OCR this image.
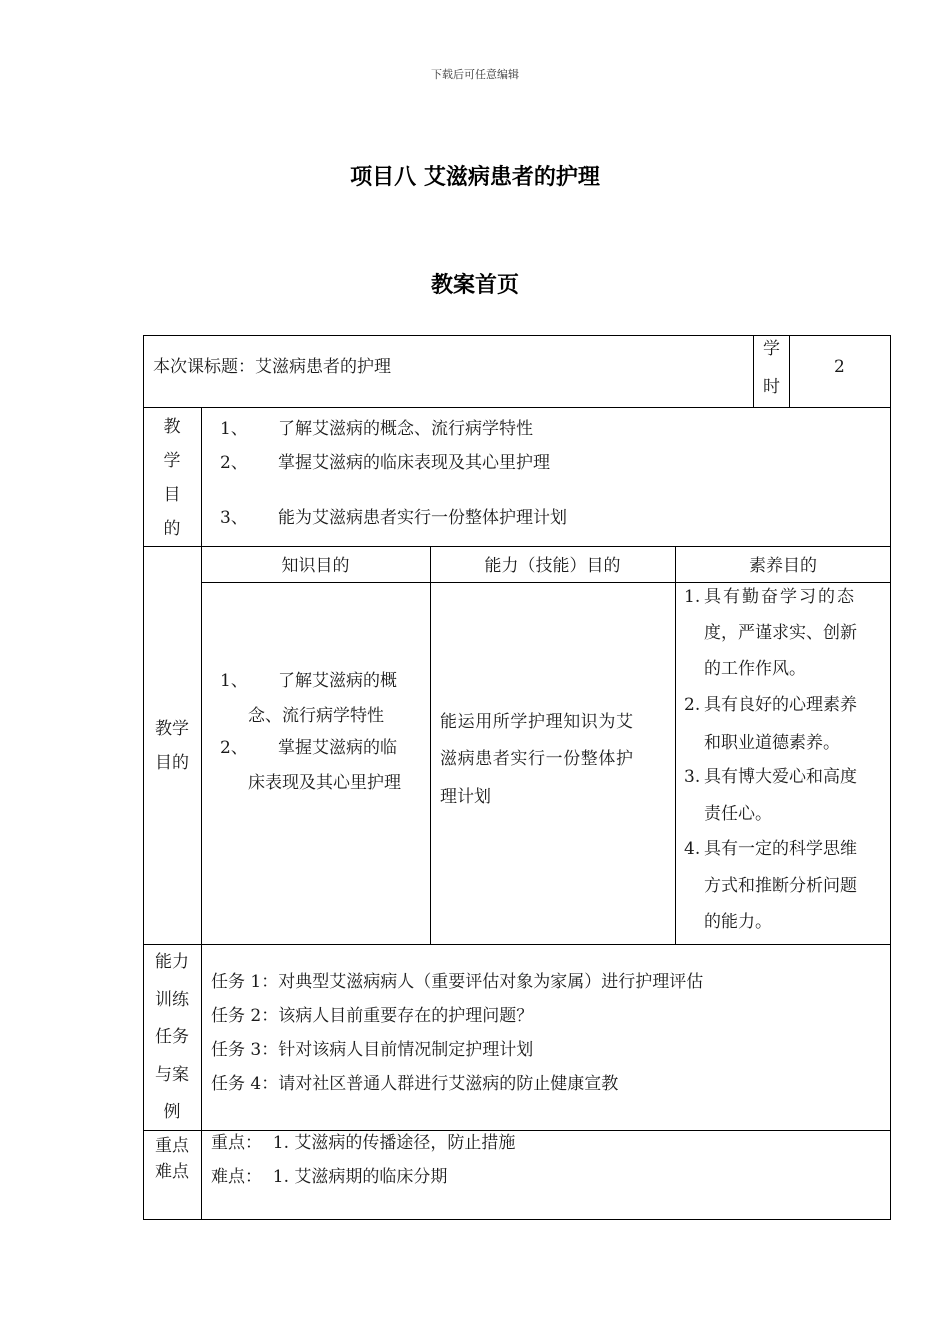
下载后可任意编辑
项目八 艾滋病患者的护理
教案首页
本次课标题：艾滋病患者的护理
学
时
2
教
学
目
的
1、 了解艾滋病的概念、流行病学特性
2、 掌握艾滋病的临床表现及其心里护理
3、 能为艾滋病患者实行一份整体护理计划
教学
目的
知识目的	能力（技能）目的	素养目的
1、 了解艾滋病的概
念、流行病学特性
2、 掌握艾滋病的临
床表现及其心里护理
能运用所学护理知识为艾
滋病患者实行一份整体护
理计划
1. 具有勤奋学习的态
度，严谨求实、创新
的工作作风。
2. 具有良好的心理素养
和职业道德素养。
3. 具有博大爱心和高度
责任心。
4. 具有一定的科学思维
方式和推断分析问题
的能力。
能力
训练
任务
与案
例
任务 1：对典型艾滋病病人（重要评估对象为家属）进行护理评估
任务 2：该病人目前重要存在的护理问题？
任务 3：针对该病人目前情况制定护理计划
任务 4：请对社区普通人群进行艾滋病的防止健康宣教
重点
难点
重点：  1. 艾滋病的传播途径，防止措施
难点：  1. 艾滋病期的临床分期
